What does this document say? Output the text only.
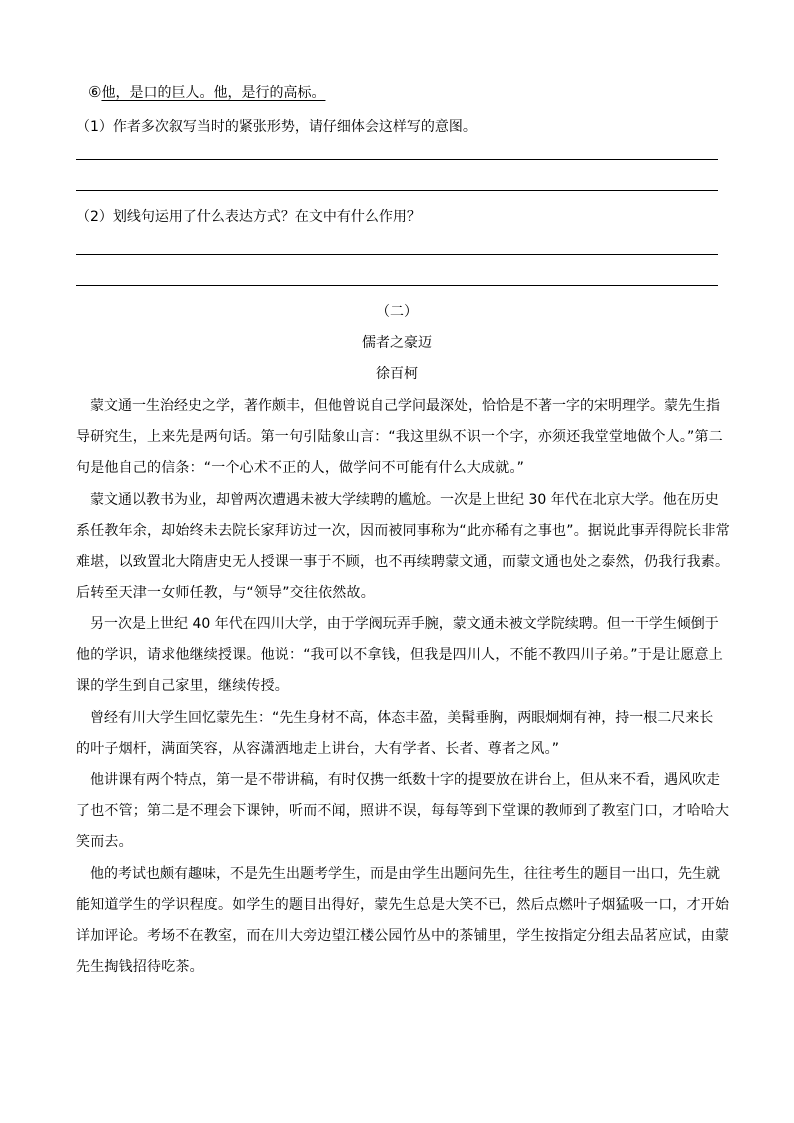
⑥他，是口的巨人。他，是行的高标。
（1）作者多次叙写当时的紧张形势，请仔细体会这样写的意图。
（2）划线句运用了什么表达方式？在文中有什么作用？
（二）
儒者之豪迈
徐百柯
蒙文通一生治经史之学，著作颇丰，但他曾说自己学问最深处，恰恰是不著一字的宋明理学。蒙先生指
导研究生，上来先是两句话。第一句引陆象山言：“我这里纵不识一个字，亦须还我堂堂地做个人。”第二
句是他自己的信条：“一个心术不正的人，做学问不可能有什么大成就。”
蒙文通以教书为业，却曾两次遭遇未被大学续聘的尴尬。一次是上世纪 30 年代在北京大学。他在历史
系任教年余，却始终未去院长家拜访过一次，因而被同事称为“此亦稀有之事也”。据说此事弄得院长非常
难堪，以致置北大隋唐史无人授课一事于不顾，也不再续聘蒙文通，而蒙文通也处之泰然，仍我行我素。
后转至天津一女师任教，与“领导”交往依然故。
另一次是上世纪 40 年代在四川大学，由于学阀玩弄手腕，蒙文通未被文学院续聘。但一干学生倾倒于
他的学识，请求他继续授课。他说：“我可以不拿钱，但我是四川人，不能不教四川子弟。”于是让愿意上
课的学生到自己家里，继续传授。
曾经有川大学生回忆蒙先生：“先生身材不高，体态丰盈，美髯垂胸，两眼炯炯有神，持一根二尺来长
的叶子烟杆，满面笑容，从容潇洒地走上讲台，大有学者、长者、尊者之风。”
他讲课有两个特点，第一是不带讲稿，有时仅携一纸数十字的提要放在讲台上，但从来不看，遇风吹走
了也不管；第二是不理会下课钟，听而不闻，照讲不误，每每等到下堂课的教师到了教室门口，才哈哈大
笑而去。
他的考试也颇有趣味，不是先生出题考学生，而是由学生出题问先生，往往考生的题目一出口，先生就
能知道学生的学识程度。如学生的题目出得好，蒙先生总是大笑不已，然后点燃叶子烟猛吸一口，才开始
详加评论。考场不在教室，而在川大旁边望江楼公园竹丛中的茶铺里，学生按指定分组去品茗应试，由蒙
先生掏钱招待吃茶。
